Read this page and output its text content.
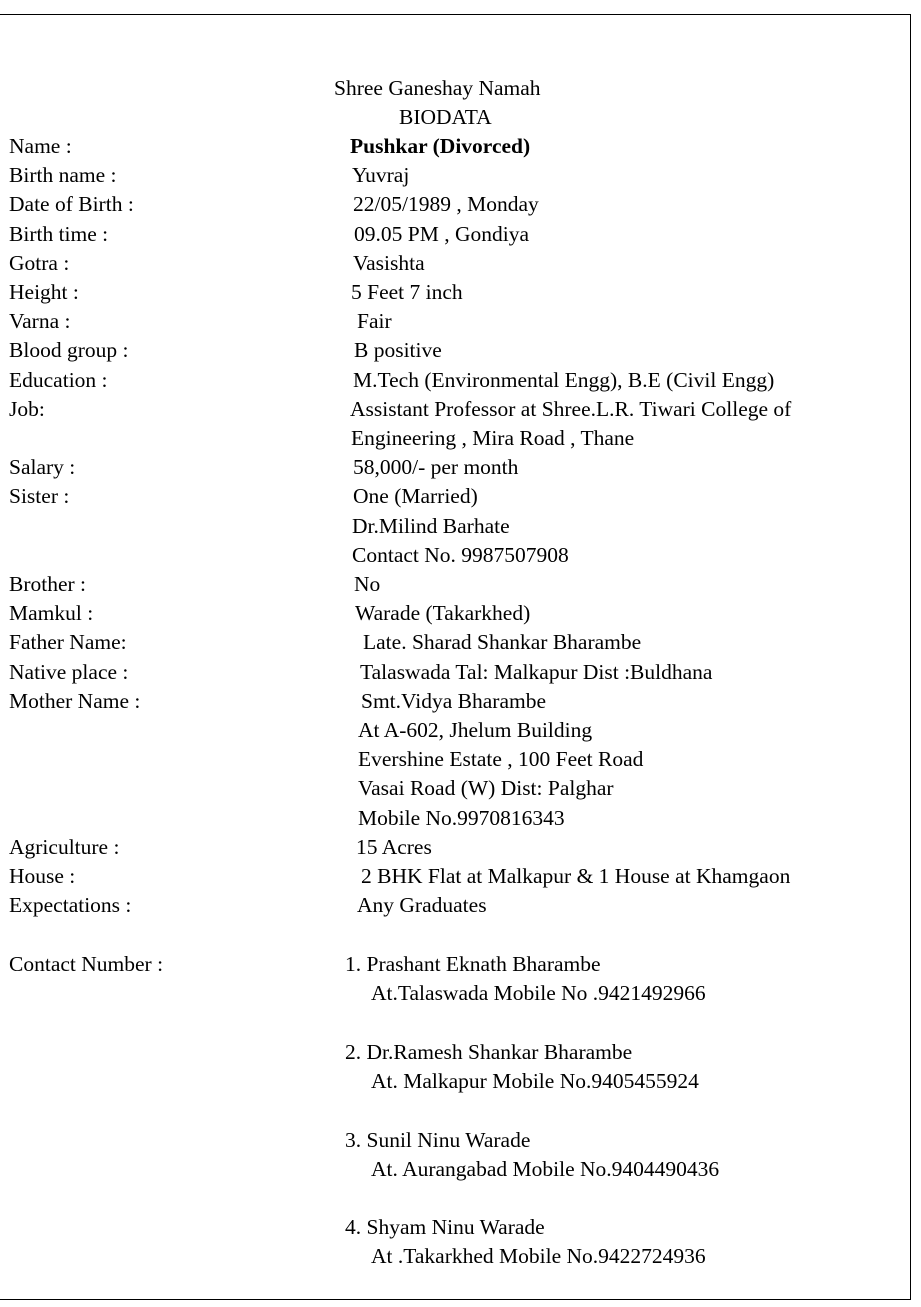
Shree Ganeshay Namah
BIODATA
Name :	Pushkar (Divorced)
Birth name :	Yuvraj
Date of Birth :	22/05/1989 , Monday
Birth time :	09.05 PM , Gondiya
Gotra :	Vasishta
Height :	5 Feet 7 inch
Varna :	Fair
Blood group :	B positive
Education :	M.Tech (Environmental Engg), B.E (Civil Engg)
Job:	Assistant Professor at Shree.L.R. Tiwari College of
Engineering , Mira Road , Thane
Salary :	58,000/- per month
Sister :	One (Married)
Dr.Milind Barhate
Contact No. 9987507908
Brother :	No
Mamkul :	Warade (Takarkhed)
Father Name:	Late. Sharad Shankar Bharambe
Native place :	Talaswada Tal: Malkapur Dist :Buldhana
Mother Name :	Smt.Vidya Bharambe
At A-602, Jhelum Building
Evershine Estate , 100 Feet Road
Vasai Road (W) Dist: Palghar
Mobile No.9970816343
Agriculture :	15 Acres
House :	2 BHK Flat at Malkapur & 1 House at Khamgaon
Expectations :	Any Graduates
Contact Number :	1. Prashant Eknath Bharambe
At.Talaswada Mobile No .9421492966
2. Dr.Ramesh Shankar Bharambe
At. Malkapur Mobile No.9405455924
3. Sunil Ninu Warade
At. Aurangabad Mobile No.9404490436
4. Shyam Ninu Warade
At .Takarkhed Mobile No.9422724936
